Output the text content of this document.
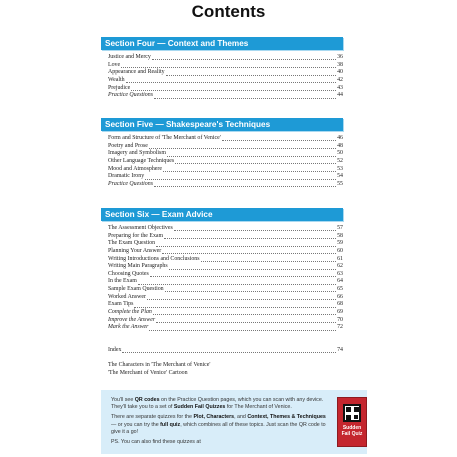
Contents
Section Four — Context and Themes
Justice and Mercy	36
Love	38
Appearance and Reality	40
Wealth	42
Prejudice	43
Practice Questions	44
Section Five — Shakespeare's Techniques
Form and Structure of 'The Merchant of Venice'	46
Poetry and Prose	48
Imagery and Symbolism	50
Other Language Techniques	52
Mood and Atmosphere	53
Dramatic Irony	54
Practice Questions	55
Section Six — Exam Advice
The Assessment Objectives	57
Preparing for the Exam	58
The Exam Question	59
Planning Your Answer	60
Writing Introductions and Conclusions	61
Writing Main Paragraphs	62
Choosing Quotes	63
In the Exam	64
Sample Exam Question	65
Worked Answer	66
Exam Tips	68
Complete the Plan	69
Improve the Answer	70
Mark the Answer	72
Index	74
The Characters in 'The Merchant of Venice'
'The Merchant of Venice' Cartoon

You'll see QR codes on the Practice Question pages, which you can scan with any device. They'll take you to a set of Sudden Fail Quizzes for The Merchant of Venice.

There are separate quizzes for the Plot, Characters, and Context, Themes & Techniques — or you can try the full quiz, which combines all of these topics. Just scan the QR code to give it a go!

PS. You can also find these quizzes at

Sudden Fail Quiz
